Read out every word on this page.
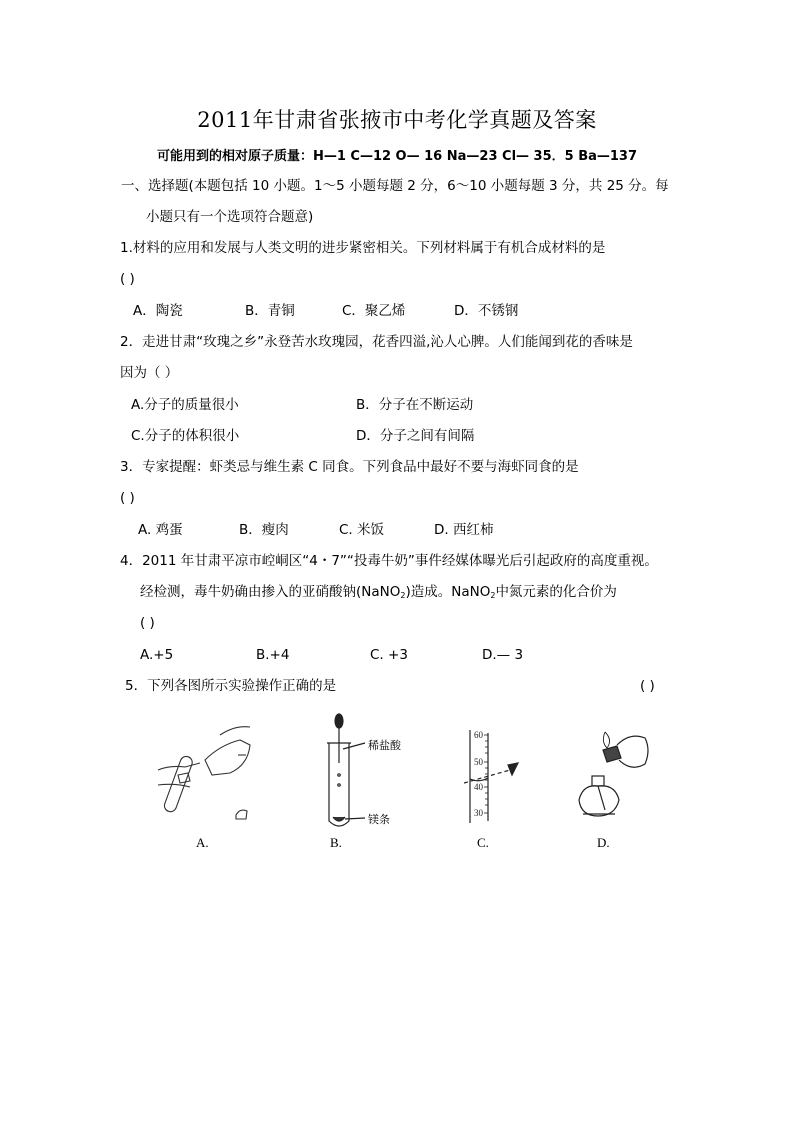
2011年甘肃省张掖市中考化学真题及答案
可能用到的相对原子质量：H—1 C—12 O— 16 Na—23 Cl— 35．5 Ba—137
一、选择题(本题包括 10 小题。1～5 小题每题 2 分，6～10 小题每题 3 分，共 25 分。每
小题只有一个选项符合题意)
1.材料的应用和发展与人类文明的进步紧密相关。下列材料属于有机合成材料的是
( )
A．陶瓷	B．青铜	C．聚乙烯	D．不锈钢
2．走进甘肃“玫瑰之乡”永登苦水玫瑰园，花香四溢,沁人心脾。人们能闻到花的香味是
因为（ ）
A.分子的质量很小	B．分子在不断运动
C.分子的体积很小	D．分子之间有间隔
3．专家提醒：虾类忌与维生素 C 同食。下列食品中最好不要与海虾同食的是
( )
A. 鸡蛋	B．瘦肉	C. 米饭	D. 西红柿
4．2011 年甘肃平凉市崆峒区“4・7”“投毒牛奶”事件经媒体曝光后引起政府的高度重视。
经检测，毒牛奶确由掺入的亚硝酸钠(NaNO$_2$)造成。NaNO$_2$中氮元素的化合价为
( )
A.+5	B.+4	C. +3	D.— 3
5．下列各图所示实验操作正确的是	( )
A.
稀盐酸
镁条
B.
60
50
40
30
C.	D.
